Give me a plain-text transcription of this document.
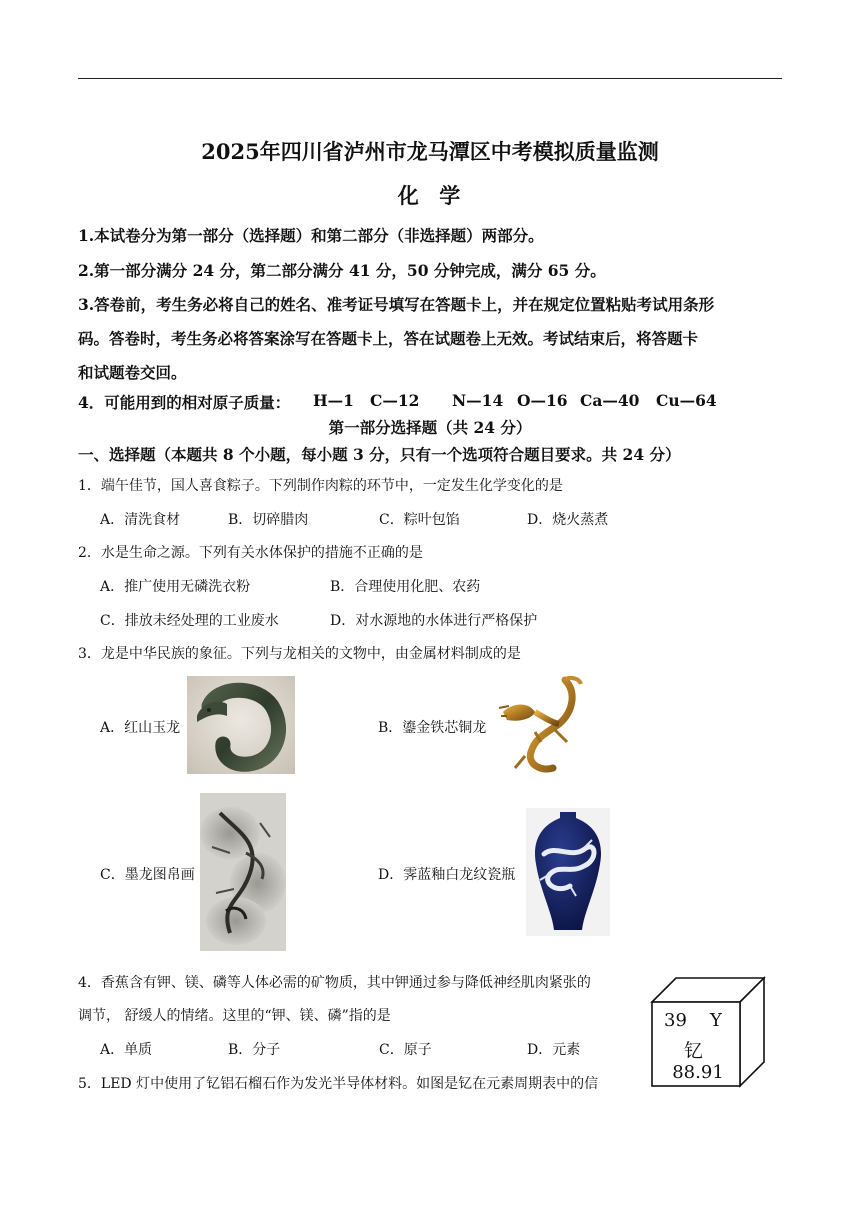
2025年四川省泸州市龙马潭区中考模拟质量监测
化  学
1.本试卷分为第一部分（选择题）和第二部分（非选择题）两部分。
2.第一部分满分 24 分，第二部分满分 41 分，50 分钟完成，满分 65 分。
3.答卷前，考生务必将自己的姓名、准考证号填写在答题卡上，并在规定位置粘贴考试用条形
码。答卷时，考生务必将答案涂写在答题卡上，答在试题卷上无效。考试结束后，将答题卡
和试题卷交回。
4．可能用到的相对原子质量： H—1 C—12 N—14 O—16 Ca—40 Cu—64
第一部分选择题（共 24 分）
一、选择题（本题共 8 个小题，每小题 3 分，只有一个选项符合题目要求。共 24 分）
1．端午佳节，国人喜食粽子。下列制作肉粽的环节中，一定发生化学变化的是
A．清洗食材	B．切碎腊肉	C．粽叶包馅	D．烧火蒸煮
2．水是生命之源。下列有关水体保护的措施不正确的是
A．推广使用无磷洗衣粉	B．合理使用化肥、农药
C．排放未经处理的工业废水	D．对水源地的水体进行严格保护
3．龙是中华民族的象征。下列与龙相关的文物中，由金属材料制成的是
A．红山玉龙	B．鎏金铁芯铜龙
C．墨龙图帛画	D．霁蓝釉白龙纹瓷瓶
4．香蕉含有钾、镁、磷等人体必需的矿物质，其中钾通过参与降低神经肌肉紧张的
调节， 舒缓人的情绪。这里的“钾、镁、磷”指的是
A．单质	B．分子	C．原子	D．元素
5．LED 灯中使用了钇铝石榴石作为发光半导体材料。如图是钇在元素周期表中的信
39 Y
钇
88.91
